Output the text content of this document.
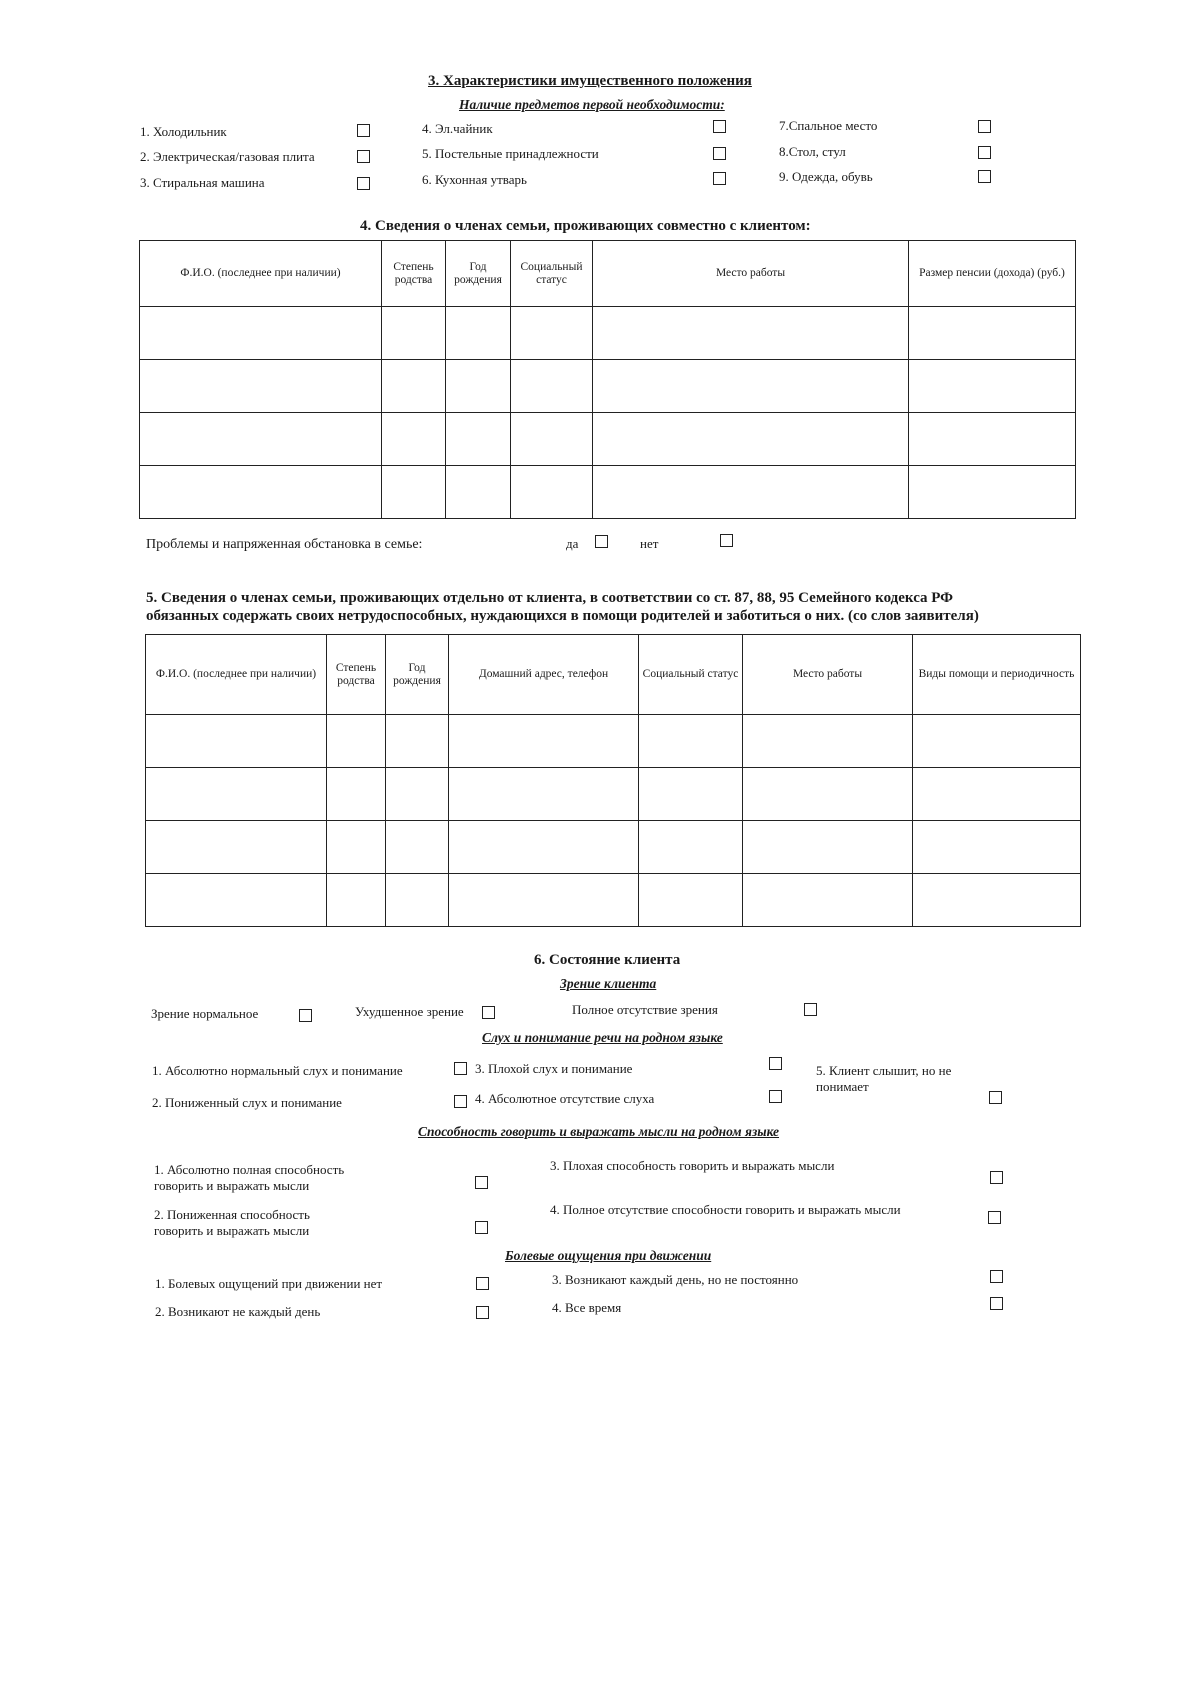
3. Характеристики имущественного положения
Наличие предметов первой необходимости:
1. Холодильник
2. Электрическая/газовая плита
3. Стиральная машина
4. Эл.чайник
5. Постельные принадлежности
6. Кухонная утварь
7.Спальное место
8.Стол, стул
9. Одежда, обувь
4. Сведения о членах семьи, проживающих совместно с клиентом:
Ф.И.О. (последнее при наличии)	Степень родства	Год рождения	Социальный статус	Место работы	Размер пенсии (дохода) (руб.)

Проблемы и напряженная обстановка в семье:	да	нет
5. Сведения о членах семьи, проживающих отдельно от клиента, в соответствии со ст. 87, 88, 95 Семейного кодекса РФ
обязанных содержать своих нетрудоспособных, нуждающихся в помощи родителей и заботиться о них. (со слов заявителя)
Ф.И.О. (последнее при наличии)	Степень родства	Год рождения	Домашний адрес, телефон	Социальный статус	Место работы	Виды помощи и периодичность

6. Состояние клиента
Зрение клиента
Зрение нормальное	Ухудшенное зрение	Полное отсутствие зрения
Слух и понимание речи на родном языке
1. Абсолютно нормальный слух и понимание
2. Пониженный слух и понимание
3. Плохой слух и понимание
4. Абсолютное отсутствие слуха
5. Клиент слышит, но не понимает
Способность говорить и выражать мысли на родном языке
1. Абсолютно полная способность говорить и выражать мысли
2. Пониженная способность говорить и выражать мысли
3. Плохая способность говорить и выражать мысли
4. Полное отсутствие способности говорить и выражать мысли
Болевые ощущения при движении
1. Болевых ощущений при движении нет
2. Возникают не каждый день
3. Возникают каждый день, но не постоянно
4. Все время
